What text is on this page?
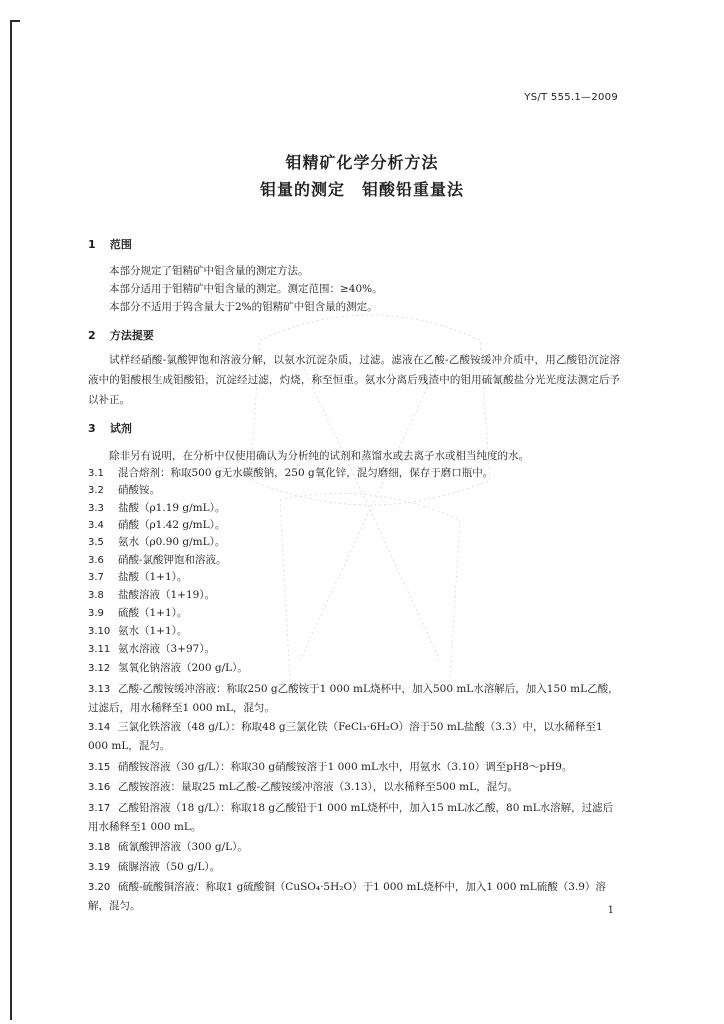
YS/T 555.1—2009
钼精矿化学分析方法
钼量的测定　钼酸铅重量法
1 范围
本部分规定了钼精矿中钼含量的测定方法。
本部分适用于钼精矿中钼含量的测定。测定范围：≥40%。
本部分不适用于钨含量大于2%的钼精矿中钼含量的测定。
2 方法提要
试样经硝酸-氯酸钾饱和溶液分解，以氨水沉淀杂质，过滤。滤液在乙酸-乙酸铵缓冲介质中，用乙酸铅沉淀溶液中的钼酸根生成钼酸铅，沉淀经过滤，灼烧，称至恒重。氨水分离后残渣中的钼用硫氰酸盐分光光度法测定后予以补正。
3 试剂
除非另有说明，在分析中仅使用确认为分析纯的试剂和蒸馏水或去离子水或相当纯度的水。
3.1 混合熔剂：称取500 g无水碳酸钠，250 g氧化锌，混匀磨细，保存于磨口瓶中。
3.2 硝酸铵。
3.3 盐酸（ρ1.19 g/mL）。
3.4 硝酸（ρ1.42 g/mL）。
3.5 氨水（ρ0.90 g/mL）。
3.6 硝酸-氯酸钾饱和溶液。
3.7 盐酸（1+1）。
3.8 盐酸溶液（1+19）。
3.9 硫酸（1+1）。
3.10 氨水（1+1）。
3.11 氨水溶液（3+97）。
3.12 氢氧化钠溶液（200 g/L）。
3.13 乙酸-乙酸铵缓冲溶液：称取250 g乙酸铵于1 000 mL烧杯中，加入500 mL水溶解后，加入150 mL乙酸，过滤后，用水稀释至1 000 mL，混匀。
3.14 三氯化铁溶液（48 g/L）：称取48 g三氯化铁（FeCl₃·6H₂O）溶于50 mL盐酸（3.3）中，以水稀释至1 000 mL，混匀。
3.15 硝酸铵溶液（30 g/L）：称取30 g硝酸铵溶于1 000 mL水中，用氨水（3.10）调至pH8～pH9。
3.16 乙酸铵溶液：量取25 mL乙酸-乙酸铵缓冲溶液（3.13），以水稀释至500 mL，混匀。
3.17 乙酸铅溶液（18 g/L）：称取18 g乙酸铅于1 000 mL烧杯中，加入15 mL冰乙酸，80 mL水溶解，过滤后用水稀释至1 000 mL。
3.18 硫氰酸钾溶液（300 g/L）。
3.19 硫脲溶液（50 g/L）。
3.20 硫酸-硫酸铜溶液：称取1 g硫酸铜（CuSO₄·5H₂O）于1 000 mL烧杯中，加入1 000 mL硫酸（3.9）溶解，混匀。	1
